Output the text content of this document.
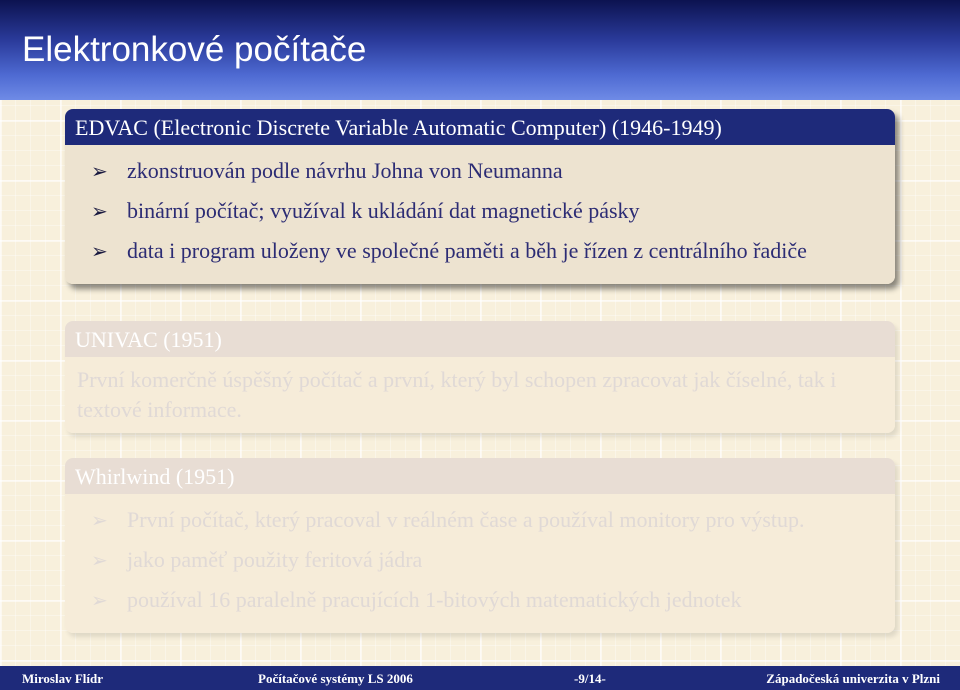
Elektronkové počítače
EDVAC (Electronic Discrete Variable Automatic Computer) (1946-1949)
➢ zkonstruován podle návrhu Johna von Neumanna
➢ binární počítač; využíval k ukládání dat magnetické pásky
➢ data i program uloženy ve společné paměti a běh je řízen z centrálního řadiče
UNIVAC (1951)
První komerčně úspěšný počítač a první, který byl schopen zpracovat jak číselné, tak i textové informace.
Whirlwind (1951)
➢ První počítač, který pracoval v reálném čase a používal monitory pro výstup.
➢ jako paměť použity feritová jádra
➢ používal 16 paralelně pracujících 1-bitových matematických jednotek
Miroslav Flídr	Počítačové systémy LS 2006	-9/14-	Západočeská univerzita v Plzni
